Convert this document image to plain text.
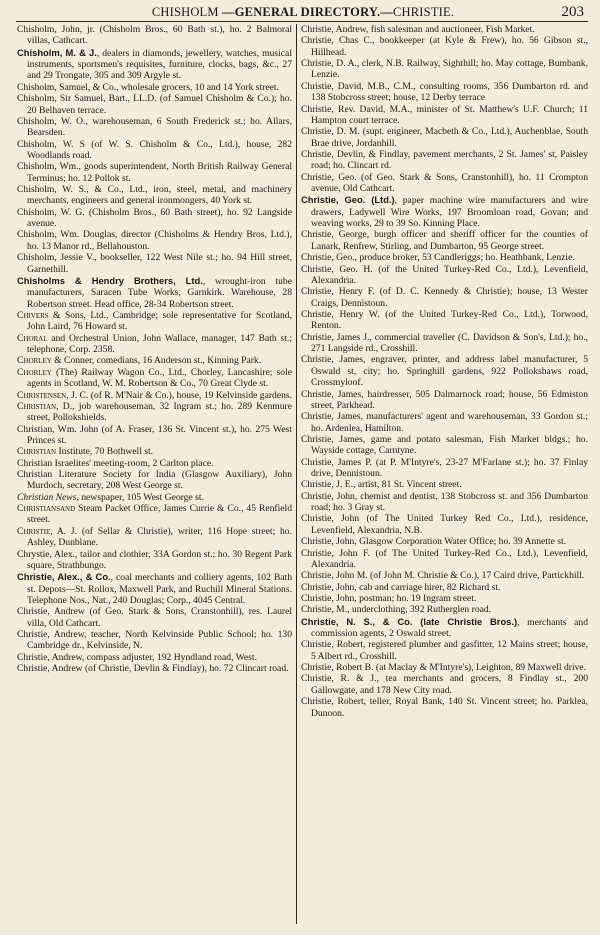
CHISHOLM —GENERAL DIRECTORY.—CHRISTIE.	203

Chisholm, John, jr. (Chisholm Bros., 60 Bath st.), ho. 2 Balmoral villas, Cathcart.

Chisholm, M. & J., dealers in diamonds, jewellery, watches, musical instruments, sportsmen's requisites, furniture, clocks, bags, &c., 27 and 29 Trongate, 305 and 309 Argyle st.

Chisholm, Samuel, & Co., wholesale grocers, 10 and 14 York street.

Chisholm, Sir Samuel, Bart., LL.D. (of Samuel Chisholm & Co.); ho. 20 Belhaven terrace.

Chisholm, W. O., warehouseman, 6 South Frederick st.; ho. Allars, Bearsden.

Chisholm, W. S (of W. S. Chisholm & Co., Ltd.), house, 282 Woodlands road.

Chisholm, Wm., goods superintendent, North British Railway General Terminus; ho. 12 Pollok st.

Chisholm, W. S., & Co., Ltd., iron, steel, metal, and machinery merchants, engineers and general ironmongers, 40 York st.

Chisholm, W. G. (Chisholm Bros., 60 Bath street), ho. 92 Langside avenue.

Chisholm, Wm. Douglas, director (Chisholms & Hendry Bros, Ltd.), ho. 13 Manor rd., Bellahouston.

Chisholm, Jessie V., bookseller, 122 West Nile st.; ho. 94 Hill street, Garnethill.

Chisholms & Hendry Brothers, Ltd., wrought-iron tube manufacturers, Saracen Tube Works, Garnkirk. Warehouse, 28 Robertson street. Head office, 28-34 Robertson street.

Chivers & Sons, Ltd., Cambridge; sole representative for Scotland, John Laird, 76 Howard st.

Choral and Orchestral Union, John Wallace, manager, 147 Bath st.; telephone, Corp. 2358.

Chorley & Conner, comedians, 16 Anderson st., Kinning Park.

Chorley (The) Railway Wagon Co., Ltd., Chorley, Lancashire; sole agents in Scotland, W. M. Robertson & Co., 70 Great Clyde st.

Christensen, J. C. (of R. M'Nair & Co.), house, 19 Kelvinside gardens.

Christian, D., job warehouseman, 32 Ingram st.; ho. 289 Kenmure street, Pollokshields.

Christian, Wm. John (of A. Fraser, 136 St. Vincent st.), ho. 275 West Princes st.

Christian Institute, 70 Bothwell st.

Christian Israelites' meeting-room, 2 Carlton place.

Christian Literature Society for India (Glasgow Auxiliary), John Murdoch, secretary, 208 West George st.

Christian News, newspaper, 105 West George st.

Christiansand Steam Packet Office, James Currie & Co., 45 Renfield street.

Christie, A. J. (of Sellar & Christie), writer, 116 Hope street; ho. Ashley, Dunblane.

Chrystie, Alex., tailor and clothier, 33A Gordon st.; ho. 30 Regent Park square, Strathbungo.

Christie, Alex., & Co., coal merchants and colliery agents, 102 Bath st. Depots—St. Rollox, Maxwell Park, and Ruchill Mineral Stations. Telephone Nos., Nat., 240 Douglas; Corp., 4045 Central.

Christie, Andrew (of Geo. Stark & Sons, Cranstonhill), res. Laurel villa, Old Cathcart.

Christie, Andrew, teacher, North Kelvinside Public School; ho. 130 Cambridge dr., Kelvinside, N.

Christie, Andrew, compass adjuster, 192 Hyndland road, West.

Christie, Andrew (of Christie, Devlin & Findlay), ho. 72 Clincart road.

Christie, Andrew, fish salesman and auctioneer, Fish Market.

Christie, Chas C., bookkeeper (at Kyle & Frew), ho. 56 Gibson st., Hillhead.

Christie, D. A., clerk, N.B. Railway, Sighthill; ho. May cottage, Bumbank, Lenzie.

Christie, David, M.B., C.M., consulting rooms, 356 Dumbarton rd. and 138 Stobcross street; house, 12 Derby terrace

Christie, Rev. David, M.A., minister of St. Matthew's U.F. Church; 11 Hampton court terrace.

Christie, D. M. (supt. engineer, Macbeth & Co., Ltd.), Auchenblae, South Brae drive, Jordanhill.

Christie, Devlin, & Findlay, pavement merchants, 2 St. James' st, Paisley road; ho. Clincart rd.

Christie, Geo. (of Geo. Stark & Sons, Cranstonhill), ho. 11 Crompton avenue, Old Cathcart.

Christie, Geo. (Ltd.), paper machine wire manufacturers and wire drawers, Ladywell Wire Works, 197 Broomloan road, Govan; and weaving works, 29 to 39 So. Kinning Place.

Christie, George, burgh officer and sheriff officer for the counties of Lanark, Renfrew, Stirling, and Dumbarton, 95 George street.

Christie, Geo., produce broker, 53 Candleriggs; ho. Heathbank, Lenzie.

Christie, Geo. H. (of the United Turkey-Red Co., Ltd.), Levenfield, Alexandria.

Christie, Henry F. (of D. C. Kennedy & Christie); house, 13 Wester Craigs, Dennistoun.

Christie, Henry W. (of the United Turkey-Red Co., Ltd.), Torwood, Renton.

Christie, James J., commercial traveller (C. Davidson & Son's, Ltd.); ho., 271 Langside rd., Crosshill.

Christie, James, engraver, printer, and address label manufacturer, 5 Oswald st, city; ho. Springhill gardens, 922 Pollokshaws road, Crossmyloof.

Christie, James, hairdresser, 505 Dalmarnock road; house, 56 Edmiston street, Parkhead.

Christie, James, manufacturers' agent and warehouseman, 33 Gordon st.; ho. Ardenlea, Hamilton.

Christie, James, game and potato salesman, Fish Market bldgs.; ho. Wayside cottage, Carntyne.

Christie, James P. (at P. M'Intyre's, 23-27 M'Farlane st.); ho. 37 Finlay drive, Dennistoun.

Christie, J. E., artist, 81 St. Vincent street.

Christie, John, chemist and dentist, 138 Stobcross st. and 356 Dumbarton road; ho. 3 Gray st.

Christie, John (of The United Turkey Red Co., Ltd.), residence, Levenfield, Alexandria, N.B.

Christie, John, Glasgow Corporation Water Office; ho. 39 Annette st.

Christie, John F. (of The United Turkey-Red Co., Ltd.), Levenfield, Alexandria.

Christie, John M. (of John M. Christie & Co.), 17 Caird drive, Partickhill.

Christie, John, cab and carriage hirer, 82 Richard st.

Christie, John, postman; ho. 19 Ingram street.

Christie, M., underclothing, 392 Rutherglen road.

Christie, N. S., & Co. (late Christie Bros.), merchants and commission agents, 2 Oswald street.

Christie, Robert, registered plumber and gasfitter, 12 Mains street; house, 5 Albert rd., Crosshill.

Christie, Robert B. (at Maclay & M'Intyre's), Leighton, 89 Maxwell drive.

Christie, R. & J., tea merchants and grocers, 8 Findlay st., 200 Gallowgate, and 178 New City road.

Christie, Robert, teller, Royal Bank, 140 St. Vincent street; ho. Parklea, Dunoon.
